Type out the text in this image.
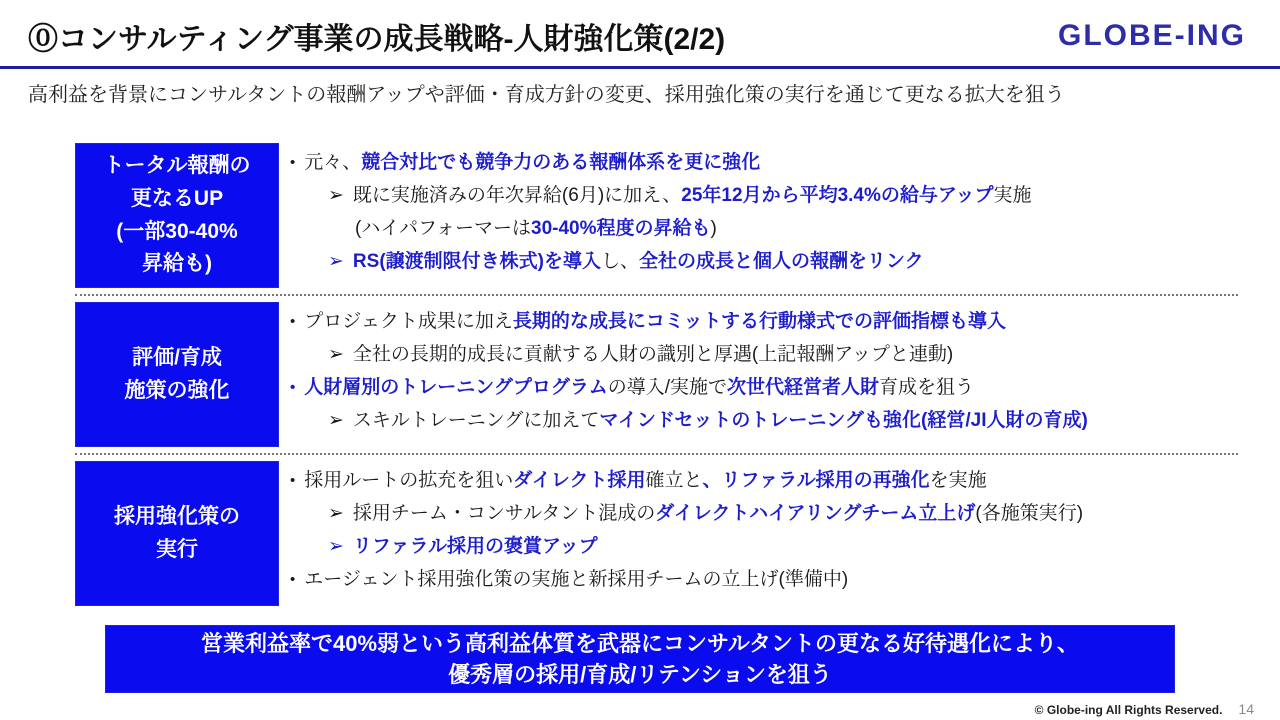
⓪コンサルティング事業の成長戦略-人財強化策(2/2)	GLOBE-ING
高利益を背景にコンサルタントの報酬アップや評価・育成方針の変更、採用強化策の実行を通じて更なる拡大を狙う
トータル報酬の
更なるUP
(一部30-40%
昇給も)
• 元々、競合対比でも競争力のある報酬体系を更に強化
➢ 既に実施済みの年次昇給(6月)に加え、25年12月から平均3.4%の給与アップ実施
(ハイパフォーマーは30-40%程度の昇給も)
➢ RS(譲渡制限付き株式)を導入し、全社の成長と個人の報酬をリンク
評価/育成
施策の強化
• プロジェクト成果に加え長期的な成長にコミットする行動様式での評価指標も導入
➢ 全社の長期的成長に貢献する人財の識別と厚遇(上記報酬アップと連動)
• 人財層別のトレーニングプログラムの導入/実施で次世代経営者人財育成を狙う
➢ スキルトレーニングに加えてマインドセットのトレーニングも強化(経営/JI人財の育成)
採用強化策の
実行
• 採用ルートの拡充を狙いダイレクト採用確立と、リファラル採用の再強化を実施
➢ 採用チーム・コンサルタント混成のダイレクトハイアリングチーム立上げ(各施策実行)
➢ リファラル採用の褒賞アップ
• エージェント採用強化策の実施と新採用チームの立上げ(準備中)
営業利益率で40%弱という高利益体質を武器にコンサルタントの更なる好待遇化により、
優秀層の採用/育成/リテンションを狙う
© Globe-ing All Rights Reserved. 14
